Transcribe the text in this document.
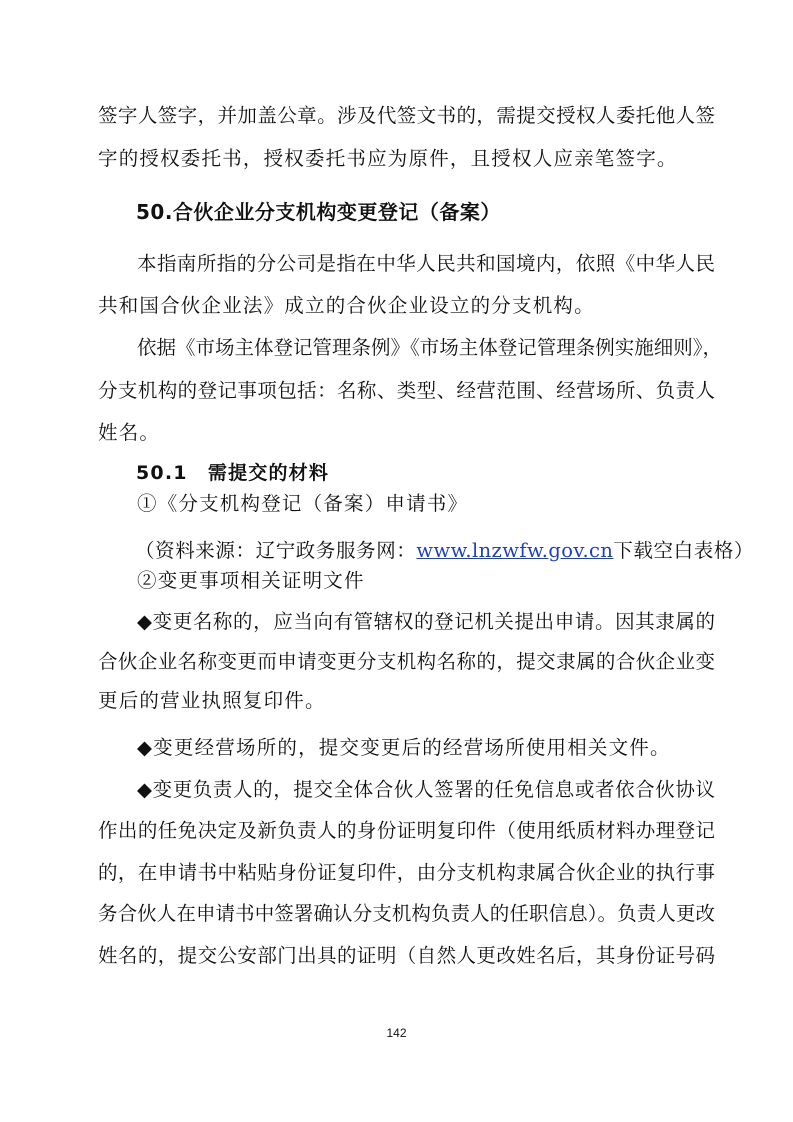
签字人签字，并加盖公章。涉及代签文书的，需提交授权人委托他人签
字的授权委托书，授权委托书应为原件，且授权人应亲笔签字。
50.合伙企业分支机构变更登记（备案）
本指南所指的分公司是指在中华人民共和国境内，依照《中华人民
共和国合伙企业法》成立的合伙企业设立的分支机构。
依据《市场主体登记管理条例》《市场主体登记管理条例实施细则》，
分支机构的登记事项包括：名称、类型、经营范围、经营场所、负责人
姓名。
50.1　需提交的材料
①《分支机构登记（备案）申请书》
（资料来源：辽宁政务服务网：www.lnzwfw.gov.cn下载空白表格）
②变更事项相关证明文件
◆变更名称的，应当向有管辖权的登记机关提出申请。因其隶属的
合伙企业名称变更而申请变更分支机构名称的，提交隶属的合伙企业变
更后的营业执照复印件。
◆变更经营场所的，提交变更后的经营场所使用相关文件。
◆变更负责人的，提交全体合伙人签署的任免信息或者依合伙协议
作出的任免决定及新负责人的身份证明复印件（使用纸质材料办理登记
的，在申请书中粘贴身份证复印件，由分支机构隶属合伙企业的执行事
务合伙人在申请书中签署确认分支机构负责人的任职信息）。负责人更改
姓名的，提交公安部门出具的证明（自然人更改姓名后，其身份证号码
142
